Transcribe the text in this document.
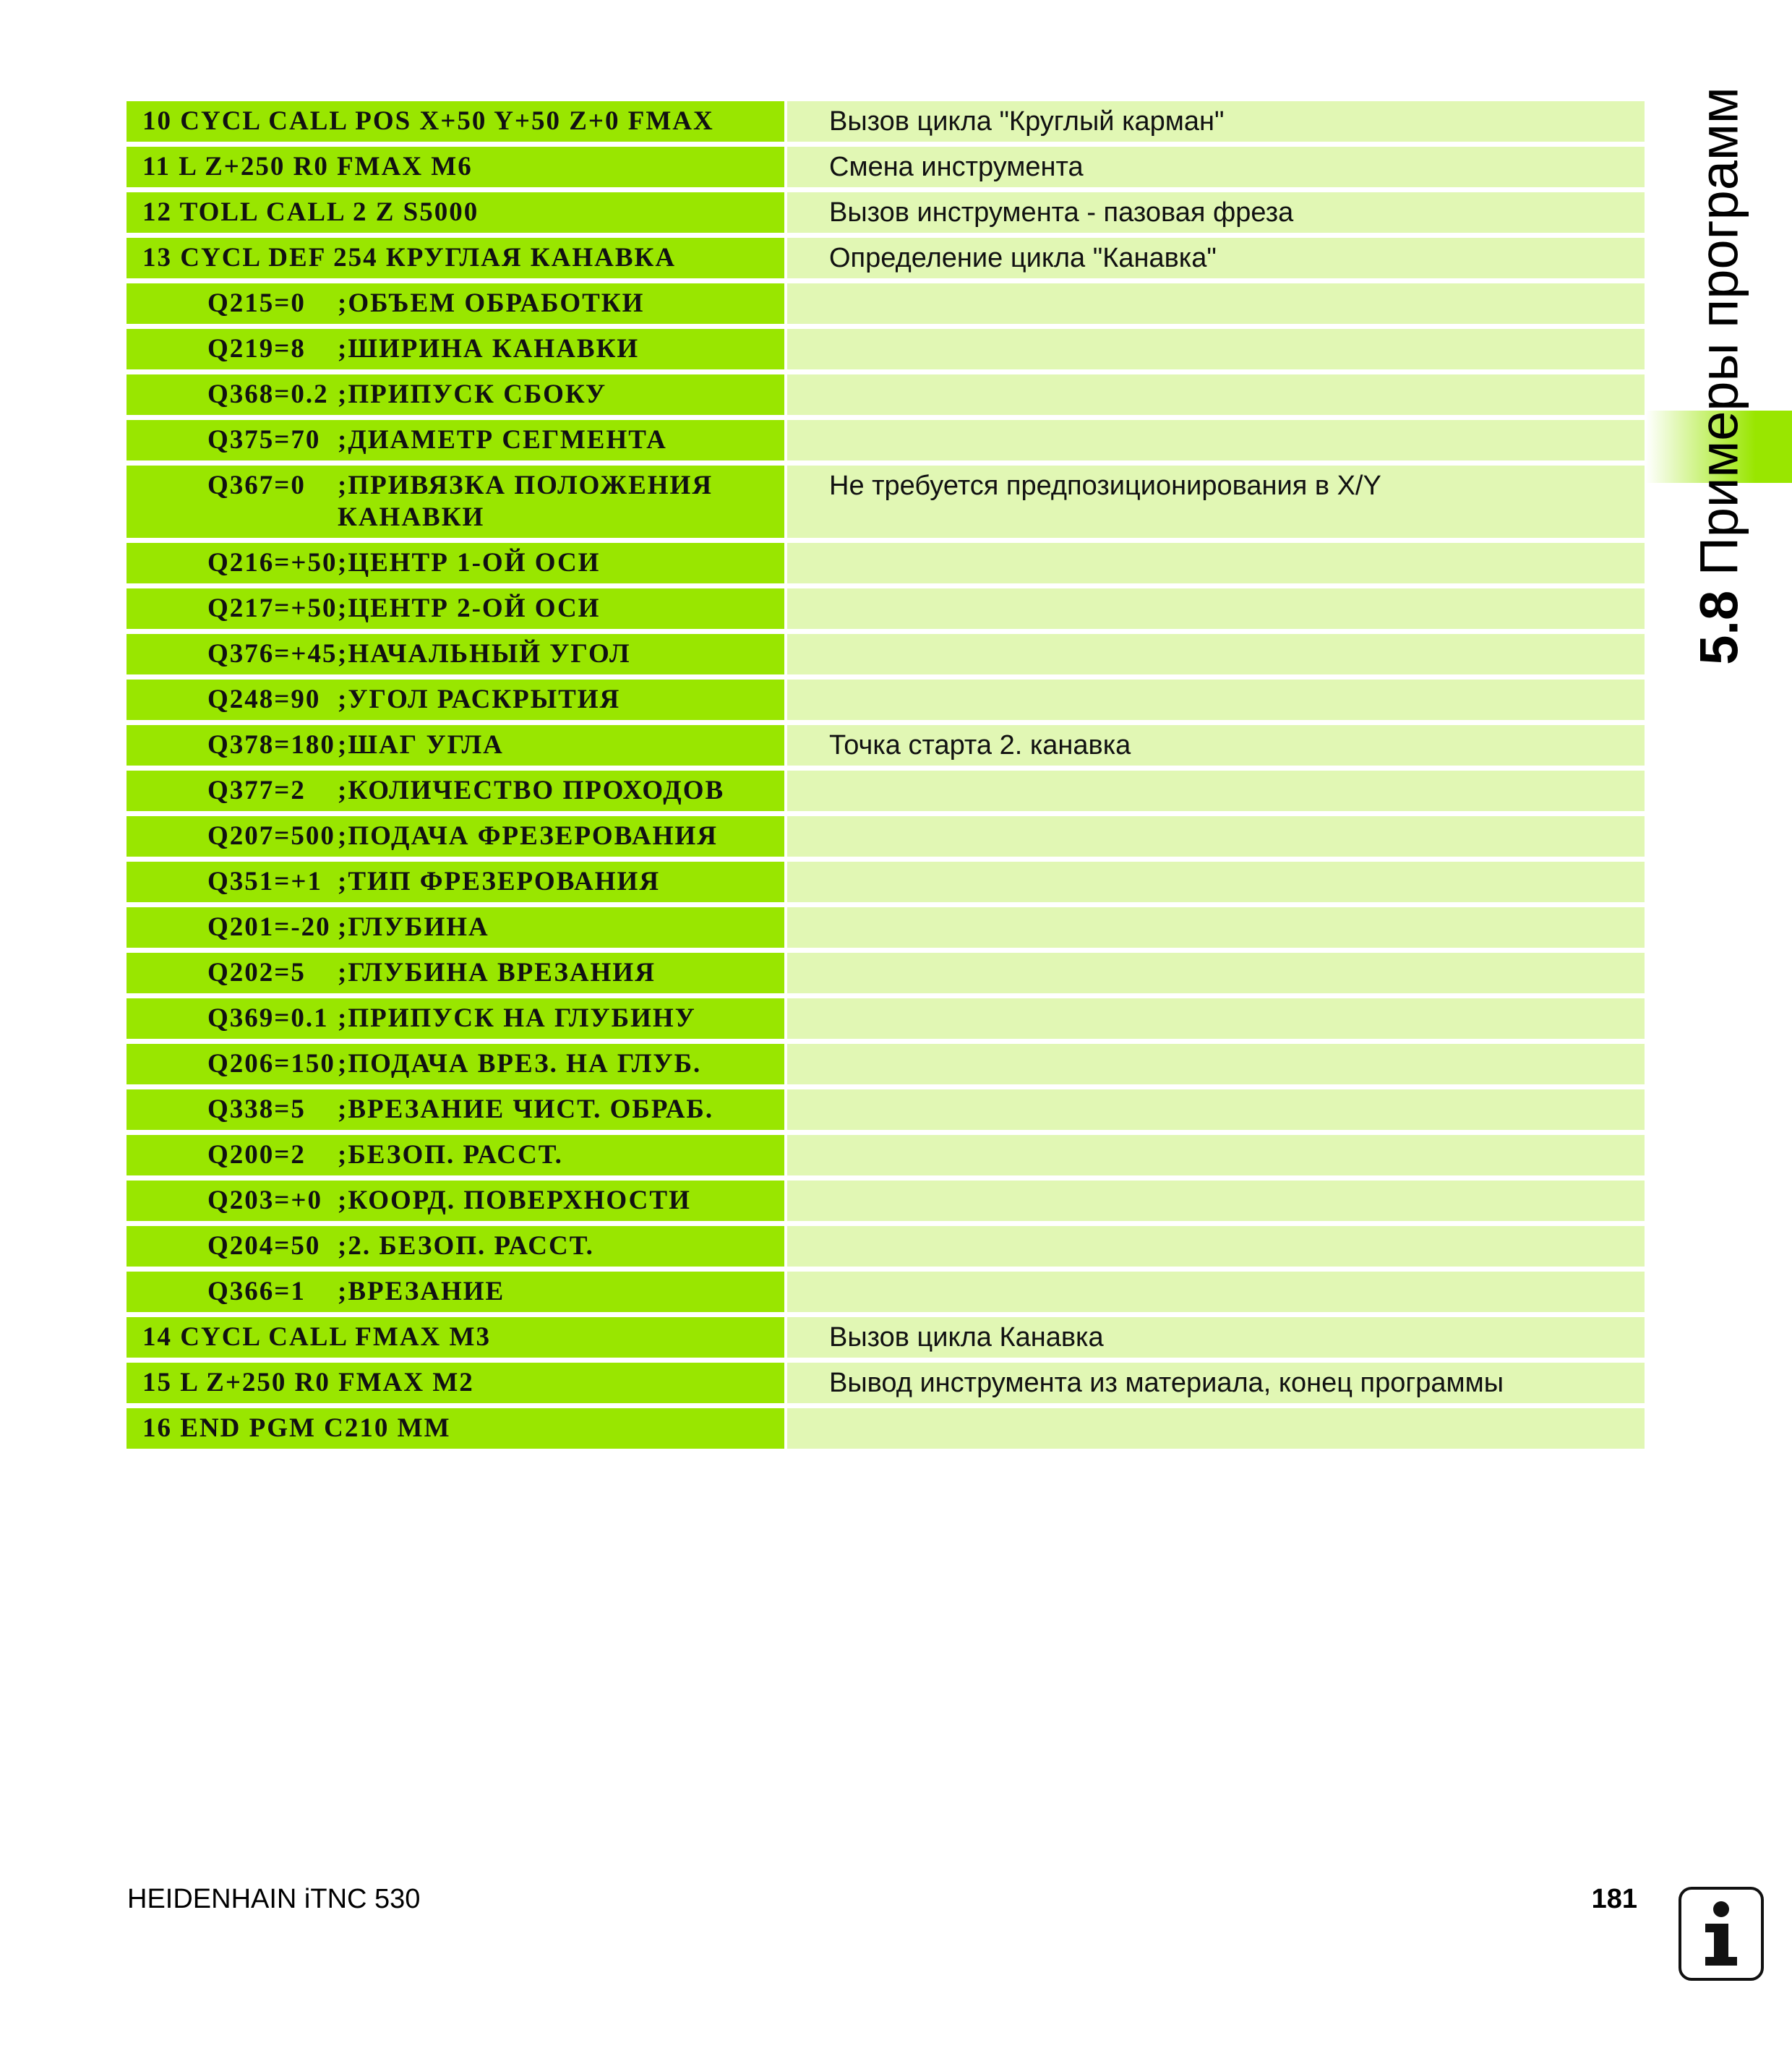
10 CYCL CALL POS X+50 Y+50 Z+0 FMAX	Вызов цикла "Круглый карман"

11 L Z+250 R0 FMAX M6	Смена инструмента

12 TOLL CALL 2 Z S5000	Вызов инструмента - пазовая фреза

13 CYCL DEF 254 КРУГЛАЯ КАНАВКА	Определение цикла "Канавка"

Q215=0 ;ОБЪЕМ ОБРАБОТКИ	

Q219=8 ;ШИРИНА КАНАВКИ	

Q368=0.2 ;ПРИПУСК СБОКУ	

Q375=70 ;ДИАМЕТР СЕГМЕНТА	

Q367=0 ;ПРИВЯЗКА ПОЛОЖЕНИЯ КАНАВКИ	Не требуется предпозиционирования в X/Y

Q216=+50 ;ЦЕНТР 1-ОЙ ОСИ	

Q217=+50 ;ЦЕНТР 2-ОЙ ОСИ	

Q376=+45 ;НАЧАЛЬНЫЙ УГОЛ	

Q248=90 ;УГОЛ РАСКРЫТИЯ	

Q378=180 ;ШАГ УГЛА	Точка старта 2. канавка

Q377=2 ;КОЛИЧЕСТВО ПРОХОДОВ	

Q207=500 ;ПОДАЧА ФРЕЗЕРОВАНИЯ	

Q351=+1 ;ТИП ФРЕЗЕРОВАНИЯ	

Q201=-20 ;ГЛУБИНА	

Q202=5 ;ГЛУБИНА ВРЕЗАНИЯ	

Q369=0.1 ;ПРИПУСК НА ГЛУБИНУ	

Q206=150 ;ПОДАЧА ВРЕЗ. НА ГЛУБ.	

Q338=5 ;ВРЕЗАНИЕ ЧИСТ. ОБРАБ.	

Q200=2 ;БЕЗОП. РАССТ.	

Q203=+0 ;КООРД. ПОВЕРХНОСТИ	

Q204=50 ;2. БЕЗОП. РАССТ.	

Q366=1 ;ВРЕЗАНИЕ	

14 CYCL CALL FMAX M3	Вызов цикла Канавка

15 L Z+250 R0 FMAX M2	Вывод инструмента из материала, конец программы

16 END PGM C210 MM	

5.8 Примеры программ
HEIDENHAIN iTNC 530	181
